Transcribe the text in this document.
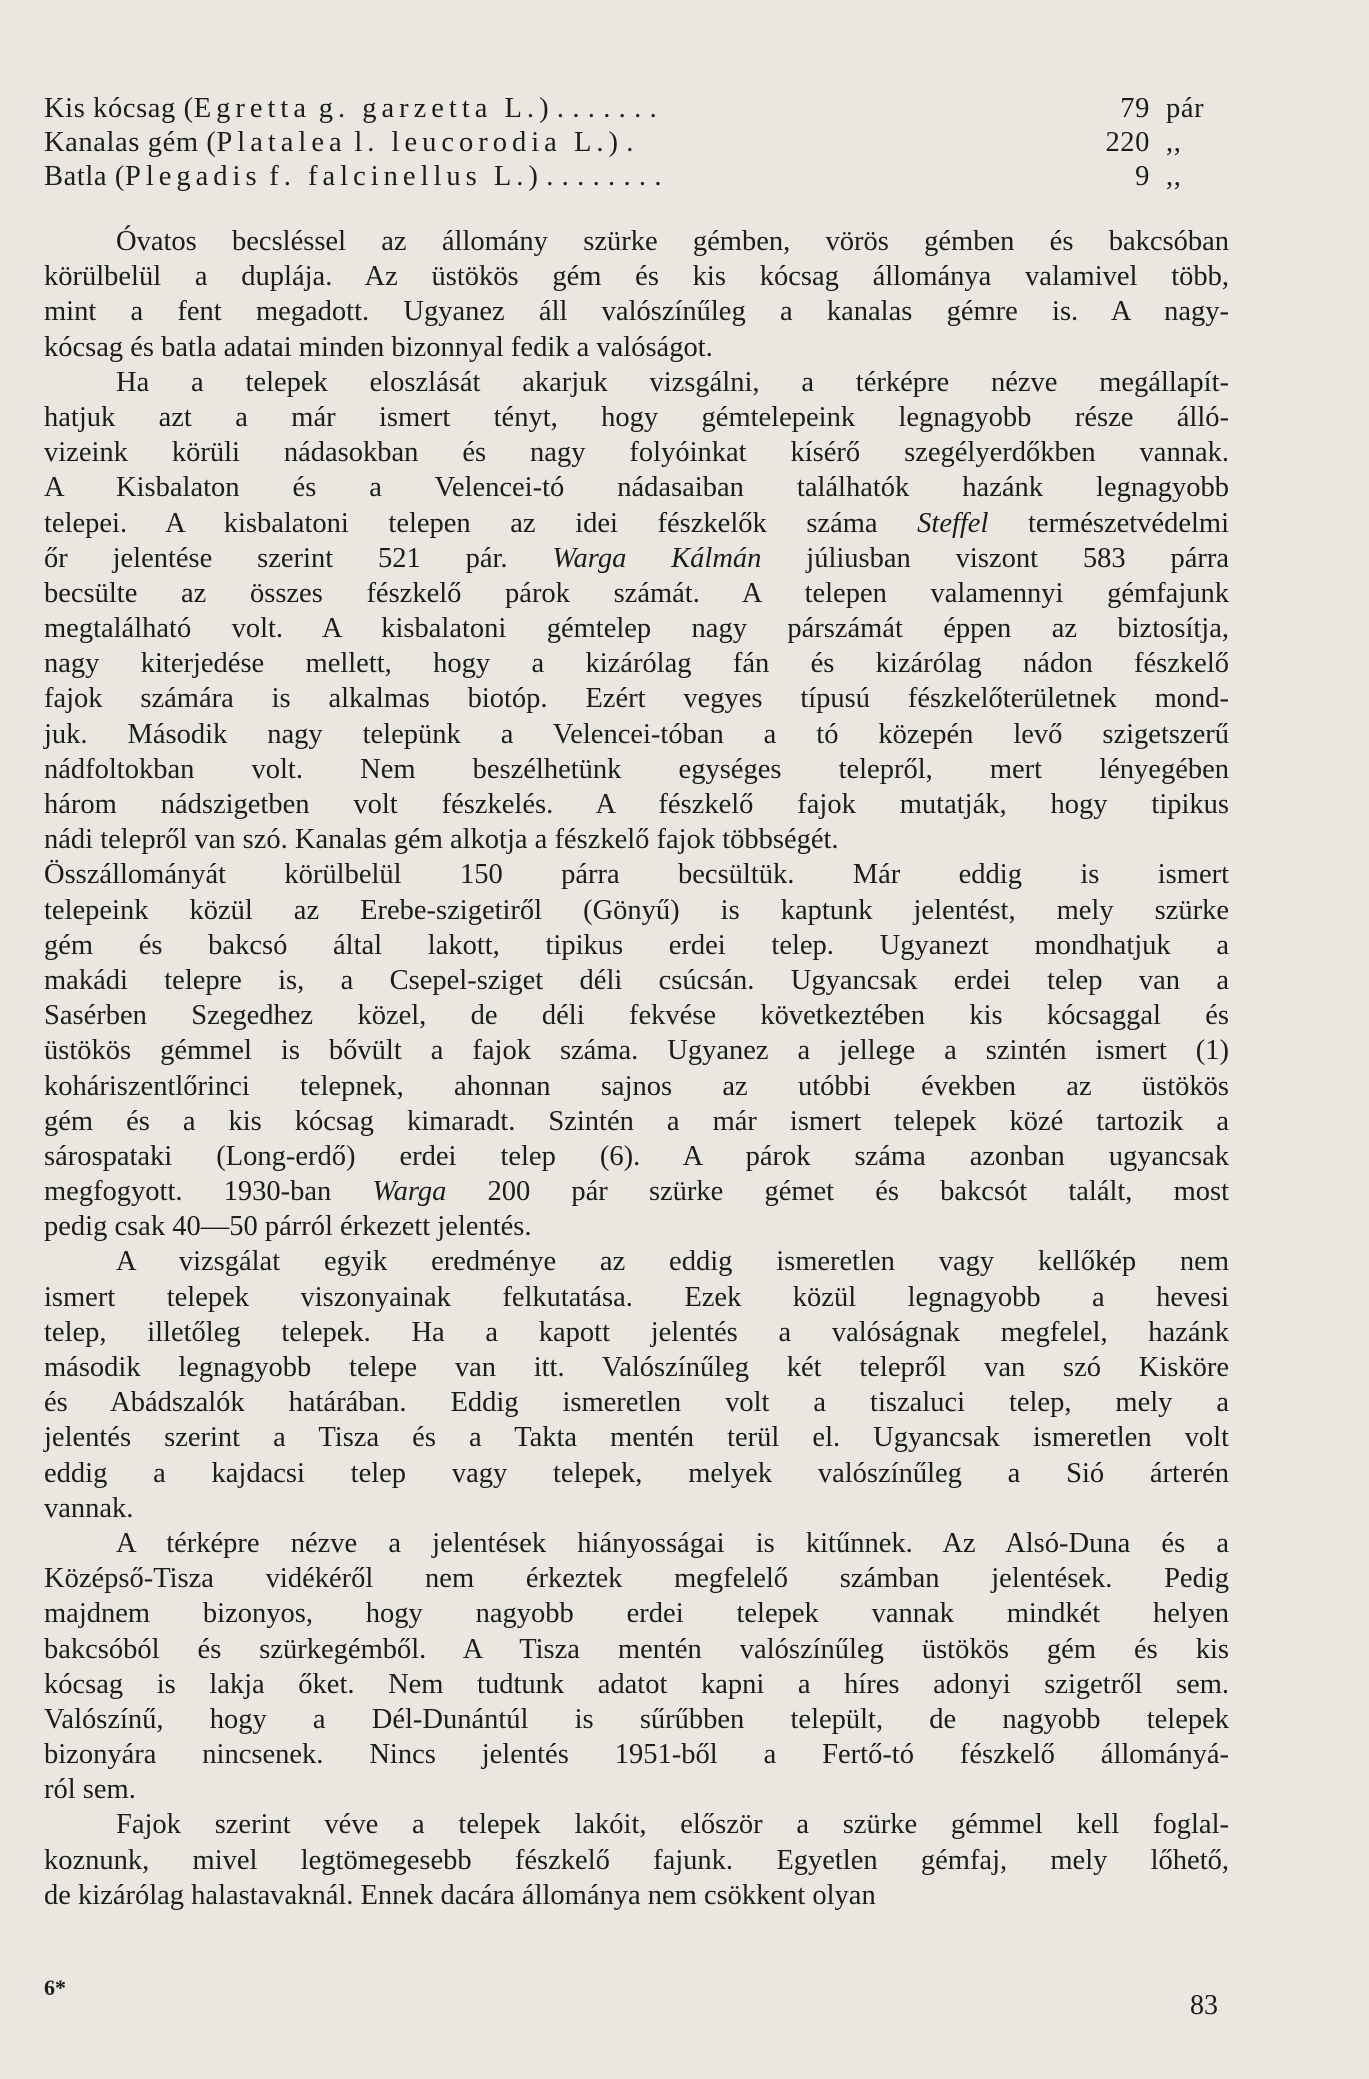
Kis kócsag (Egretta g. garzetta L.) . . . . . . .	79 pár
Kanalas gém (Platalea l. leucorodia L.) .	220 ,,
Batla (Plegadis f. falcinellus L.) . . . . . . . .	9 ,,
Óvatos becsléssel az állomány szürke gémben, vörös gémben és bakcsóban
körülbelül a duplája. Az üstökös gém és kis kócsag állománya valamivel több,
mint a fent megadott. Ugyanez áll valószínűleg a kanalas gémre is. A nagy-
kócsag és batla adatai minden bizonnyal fedik a valóságot.
Ha a telepek eloszlását akarjuk vizsgálni, a térképre nézve megállapít-
hatjuk azt a már ismert tényt, hogy gémtelepeink legnagyobb része álló-
vizeink körüli nádasokban és nagy folyóinkat kísérő szegélyerdőkben vannak.
A Kisbalaton és a Velencei-tó nádasaiban találhatók hazánk legnagyobb
telepei. A kisbalatoni telepen az idei fészkelők száma Steffel természetvédelmi
őr jelentése szerint 521 pár. Warga Kálmán júliusban viszont 583 párra
becsülte az összes fészkelő párok számát. A telepen valamennyi gémfajunk
megtalálható volt. A kisbalatoni gémtelep nagy párszámát éppen az biztosítja,
nagy kiterjedése mellett, hogy a kizárólag fán és kizárólag nádon fészkelő
fajok számára is alkalmas biotóp. Ezért vegyes típusú fészkelőterületnek mond-
juk. Második nagy telepünk a Velencei-tóban a tó közepén levő szigetszerű
nádfoltokban volt. Nem beszélhetünk egységes telepről, mert lényegében
három nádszigetben volt fészkelés. A fészkelő fajok mutatják, hogy tipikus
nádi telepről van szó. Kanalas gém alkotja a fészkelő fajok többségét.
Összállományát körülbelül 150 párra becsültük. Már eddig is ismert
telepeink közül az Erebe-szigetiről (Gönyű) is kaptunk jelentést, mely szürke
gém és bakcsó által lakott, tipikus erdei telep. Ugyanezt mondhatjuk a
makádi telepre is, a Csepel-sziget déli csúcsán. Ugyancsak erdei telep van a
Sasérben Szegedhez közel, de déli fekvése következtében kis kócsaggal és
üstökös gémmel is bővült a fajok száma. Ugyanez a jellege a szintén ismert (1)
koháriszentlőrinci telepnek, ahonnan sajnos az utóbbi években az üstökös
gém és a kis kócsag kimaradt. Szintén a már ismert telepek közé tartozik a
sárospataki (Long-erdő) erdei telep (6). A párok száma azonban ugyancsak
megfogyott. 1930-ban Warga 200 pár szürke gémet és bakcsót talált, most
pedig csak 40—50 párról érkezett jelentés.
A vizsgálat egyik eredménye az eddig ismeretlen vagy kellőkép nem
ismert telepek viszonyainak felkutatása. Ezek közül legnagyobb a hevesi
telep, illetőleg telepek. Ha a kapott jelentés a valóságnak megfelel, hazánk
második legnagyobb telepe van itt. Valószínűleg két telepről van szó Kisköre
és Abádszalók határában. Eddig ismeretlen volt a tiszaluci telep, mely a
jelentés szerint a Tisza és a Takta mentén terül el. Ugyancsak ismeretlen volt
eddig a kajdacsi telep vagy telepek, melyek valószínűleg a Sió árterén
vannak.
A térképre nézve a jelentések hiányosságai is kitűnnek. Az Alsó-Duna és a
Középső-Tisza vidékéről nem érkeztek megfelelő számban jelentések. Pedig
majdnem bizonyos, hogy nagyobb erdei telepek vannak mindkét helyen
bakcsóból és szürkegémből. A Tisza mentén valószínűleg üstökös gém és kis
kócsag is lakja őket. Nem tudtunk adatot kapni a híres adonyi szigetről sem.
Valószínű, hogy a Dél-Dunántúl is sűrűbben települt, de nagyobb telepek
bizonyára nincsenek. Nincs jelentés 1951-ből a Fertő-tó fészkelő állományá-
ról sem.
Fajok szerint véve a telepek lakóit, először a szürke gémmel kell foglal-
koznunk, mivel legtömegesebb fészkelő fajunk. Egyetlen gémfaj, mely lőhető,
de kizárólag halastavaknál. Ennek dacára állománya nem csökkent olyan
6*
83
